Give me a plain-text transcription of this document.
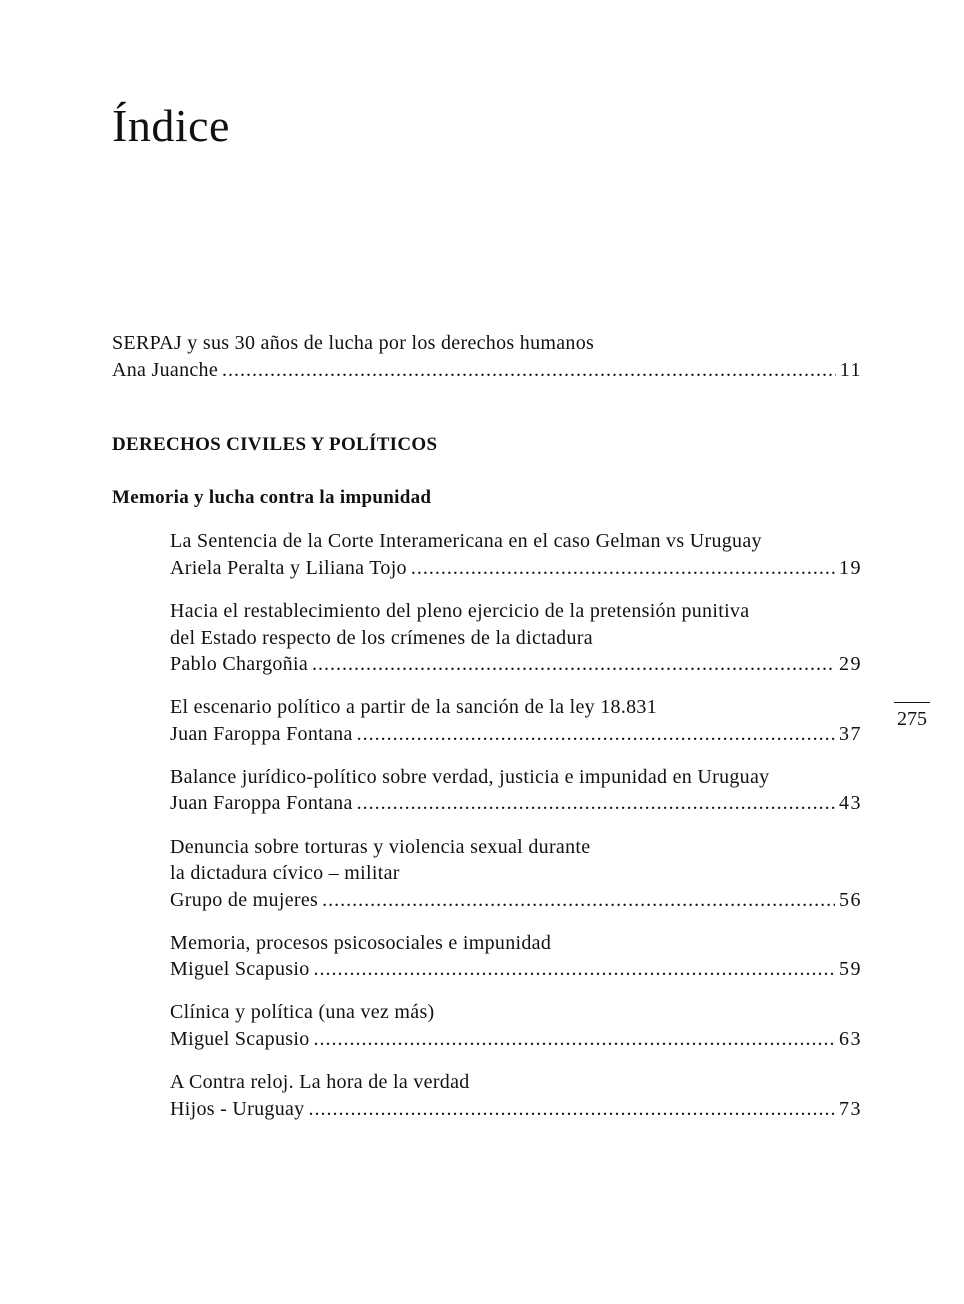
Índice
275
SERPAJ y sus 30 años de lucha por los derechos humanos
Ana Juanche .....	11
DERECHOS CIVILES Y POLÍTICOS
Memoria y lucha contra la impunidad
La Sentencia de la Corte Interamericana en el caso Gelman vs Uruguay
Ariela Peralta y Liliana Tojo .....	19
Hacia el restablecimiento del pleno ejercicio de la pretensión punitiva
del Estado respecto de los crímenes de la dictadura
Pablo Chargoñia .....	29
El escenario político a partir de la sanción de la ley 18.831
Juan Faroppa Fontana .....	37
Balance jurídico-político sobre verdad, justicia e impunidad en Uruguay
Juan Faroppa Fontana .....	43
Denuncia sobre torturas y violencia sexual durante
la dictadura cívico – militar
Grupo de mujeres .....	56
Memoria, procesos psicosociales e impunidad
Miguel Scapusio .....	59
Clínica y política (una vez más)
Miguel Scapusio .....	63
A Contra reloj. La hora de la verdad
Hijos - Uruguay .....	73
